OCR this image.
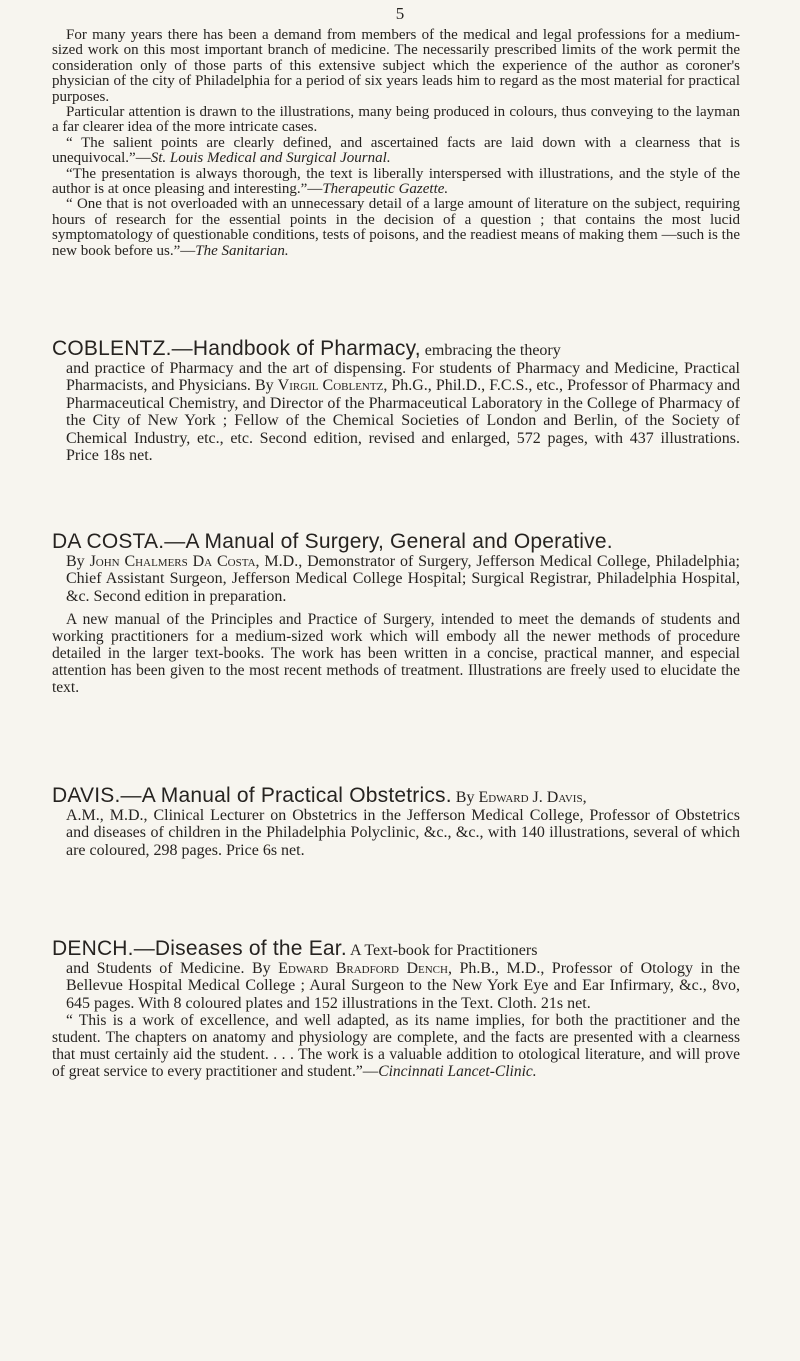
5

For many years there has been a demand from members of the medical and legal professions for a medium-sized work on this most important branch of medicine. The necessarily prescribed limits of the work permit the consideration only of those parts of this extensive subject which the experience of the author as coroner's physician of the city of Philadelphia for a period of six years leads him to regard as the most material for practical purposes.

Particular attention is drawn to the illustrations, many being produced in colours, thus conveying to the layman a far clearer idea of the more intricate cases.

“ The salient points are clearly defined, and ascertained facts are laid down with a clearness that is unequivocal.”—St. Louis Medical and Surgical Journal.

“The presentation is always thorough, the text is liberally interspersed with illustrations, and the style of the author is at once pleasing and interesting.”—Therapeutic Gazette.

“ One that is not overloaded with an unnecessary detail of a large amount of literature on the subject, requiring hours of research for the essential points in the decision of a question ; that contains the most lucid symptomatology of questionable conditions, tests of poisons, and the readiest means of making them —such is the new book before us.”—The Sanitarian.

COBLENTZ.—Handbook of Pharmacy, embracing the theory

and practice of Pharmacy and the art of dispensing. For students of Pharmacy and Medicine, Practical Pharmacists, and Physicians. By Virgil Coblentz, Ph.G., Phil.D., F.C.S., etc., Professor of Pharmacy and Pharmaceutical Chemistry, and Director of the Pharmaceutical Laboratory in the College of Pharmacy of the City of New York ; Fellow of the Chemical Societies of London and Berlin, of the Society of Chemical Industry, etc., etc. Second edition, revised and enlarged, 572 pages, with 437 illustrations. Price 18s net.

DA COSTA.—A Manual of Surgery, General and Operative.

By John Chalmers Da Costa, M.D., Demonstrator of Surgery, Jefferson Medical College, Philadelphia; Chief Assistant Surgeon, Jefferson Medical College Hospital; Surgical Registrar, Philadelphia Hospital, &c. Second edition in preparation.

A new manual of the Principles and Practice of Surgery, intended to meet the demands of students and working practitioners for a medium-sized work which will embody all the newer methods of procedure detailed in the larger text-books. The work has been written in a concise, practical manner, and especial attention has been given to the most recent methods of treatment. Illustrations are freely used to elucidate the text.

DAVIS.—A Manual of Practical Obstetrics. By Edward J. Davis,

A.M., M.D., Clinical Lecturer on Obstetrics in the Jefferson Medical College, Professor of Obstetrics and diseases of children in the Philadelphia Polyclinic, &c., &c., with 140 illustrations, several of which are coloured, 298 pages. Price 6s net.

DENCH.—Diseases of the Ear. A Text-book for Practitioners

and Students of Medicine. By Edward Bradford Dench, Ph.B., M.D., Professor of Otology in the Bellevue Hospital Medical College ; Aural Surgeon to the New York Eye and Ear Infirmary, &c., 8vo, 645 pages. With 8 coloured plates and 152 illustrations in the Text. Cloth. 21s net.

“ This is a work of excellence, and well adapted, as its name implies, for both the practitioner and the student. The chapters on anatomy and physiology are complete, and the facts are presented with a clearness that must certainly aid the student. . . . The work is a valuable addition to otological literature, and will prove of great service to every practitioner and student.”—Cincinnati Lancet-Clinic.
